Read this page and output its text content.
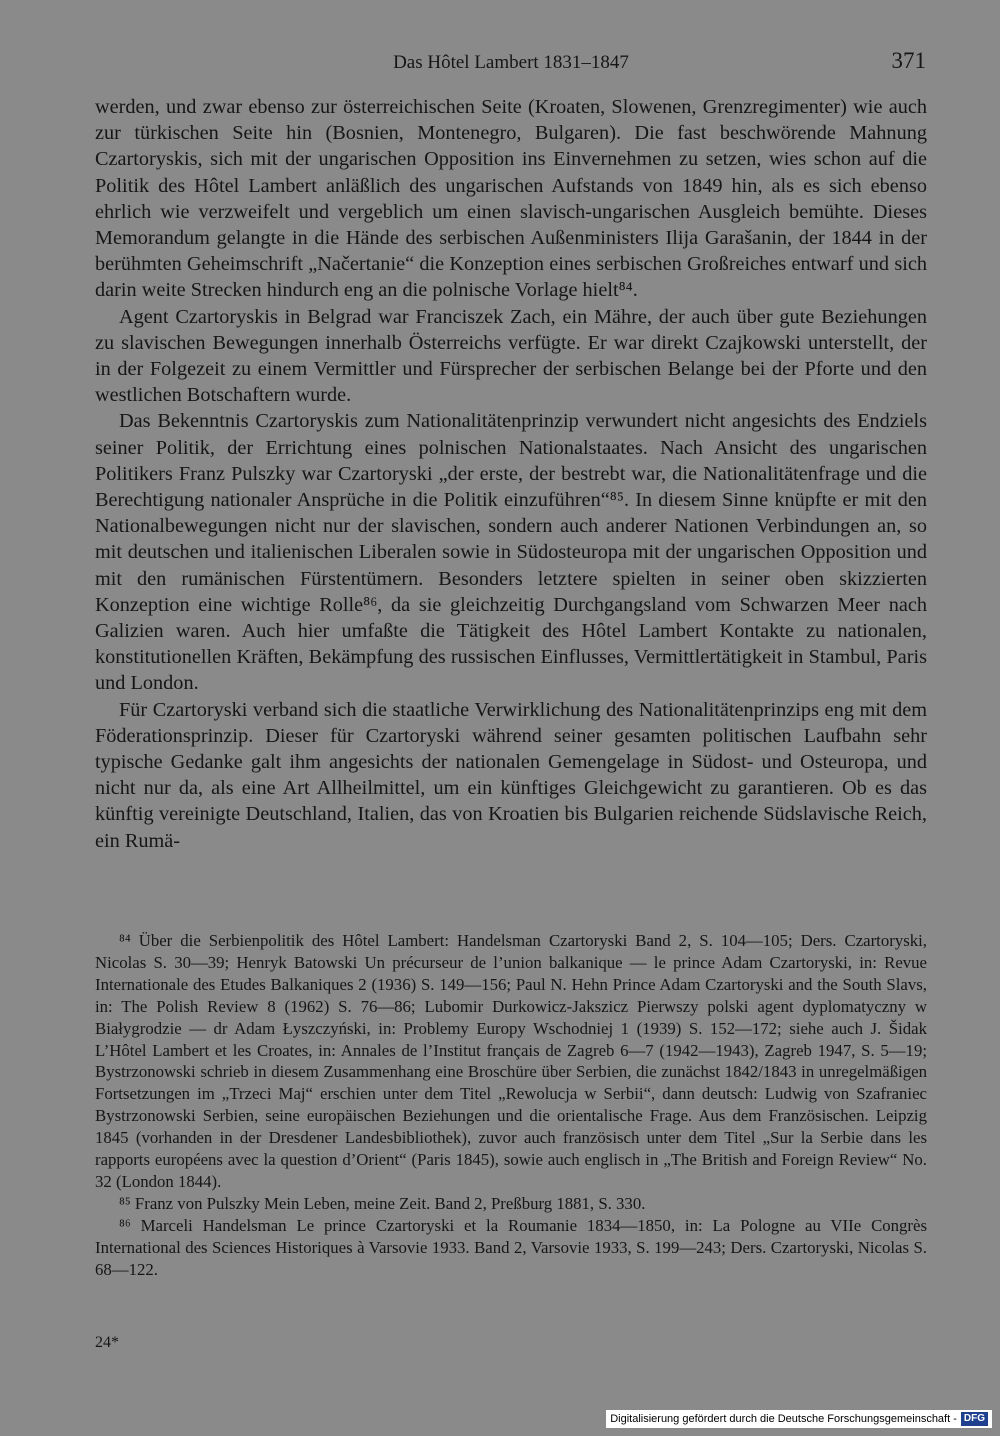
Das Hôtel Lambert 1831–1847	371

werden, und zwar ebenso zur österreichischen Seite (Kroaten, Slowenen, Grenzregimenter) wie auch zur türkischen Seite hin (Bosnien, Montenegro, Bulgaren). Die fast beschwörende Mahnung Czartoryskis, sich mit der ungarischen Opposition ins Einvernehmen zu setzen, wies schon auf die Politik des Hôtel Lambert anläßlich des ungarischen Aufstands von 1849 hin, als es sich ebenso ehrlich wie verzweifelt und vergeblich um einen slavisch-ungarischen Ausgleich bemühte. Dieses Memorandum gelangte in die Hände des serbischen Außenministers Ilija Garašanin, der 1844 in der berühmten Geheimschrift „Načertanie“ die Konzeption eines serbischen Großreiches entwarf und sich darin weite Strecken hindurch eng an die polnische Vorlage hielt⁸⁴.

Agent Czartoryskis in Belgrad war Franciszek Zach, ein Mähre, der auch über gute Beziehungen zu slavischen Bewegungen innerhalb Österreichs verfügte. Er war direkt Czajkowski unterstellt, der in der Folgezeit zu einem Vermittler und Fürsprecher der serbischen Belange bei der Pforte und den westlichen Botschaftern wurde.

Das Bekenntnis Czartoryskis zum Nationalitätenprinzip verwundert nicht angesichts des Endziels seiner Politik, der Errichtung eines polnischen Nationalstaates. Nach Ansicht des ungarischen Politikers Franz Pulszky war Czartoryski „der erste, der bestrebt war, die Nationalitätenfrage und die Berechtigung nationaler Ansprüche in die Politik einzuführen“⁸⁵. In diesem Sinne knüpfte er mit den Nationalbewegungen nicht nur der slavischen, sondern auch anderer Nationen Verbindungen an, so mit deutschen und italienischen Liberalen sowie in Südosteuropa mit der ungarischen Opposition und mit den rumänischen Fürstentümern. Besonders letztere spielten in seiner oben skizzierten Konzeption eine wichtige Rolle⁸⁶, da sie gleichzeitig Durchgangsland vom Schwarzen Meer nach Galizien waren. Auch hier umfaßte die Tätigkeit des Hôtel Lambert Kontakte zu nationalen, konstitutionellen Kräften, Bekämpfung des russischen Einflusses, Vermittlertätigkeit in Stambul, Paris und London.

Für Czartoryski verband sich die staatliche Verwirklichung des Nationalitätenprinzips eng mit dem Föderationsprinzip. Dieser für Czartoryski während seiner gesamten politischen Laufbahn sehr typische Gedanke galt ihm angesichts der nationalen Gemengelage in Südost- und Osteuropa, und nicht nur da, als eine Art Allheilmittel, um ein künftiges Gleichgewicht zu garantieren. Ob es das künftig vereinigte Deutschland, Italien, das von Kroatien bis Bulgarien reichende Südslavische Reich, ein Rumä-

⁸⁴ Über die Serbienpolitik des Hôtel Lambert: Handelsman Czartoryski Band 2, S. 104—105; Ders. Czartoryski, Nicolas S. 30—39; Henryk Batowski Un précurseur de l’union balkanique — le prince Adam Czartoryski, in: Revue Internationale des Etudes Balkaniques 2 (1936) S. 149—156; Paul N. Hehn Prince Adam Czartoryski and the South Slavs, in: The Polish Review 8 (1962) S. 76—86; Lubomir Durkowicz-Jakszicz Pierwszy polski agent dyplomatyczny w Białygrodzie — dr Adam Łyszczyński, in: Problemy Europy Wschodniej 1 (1939) S. 152—172; siehe auch J. Šidak L’Hôtel Lambert et les Croates, in: Annales de l’Institut français de Zagreb 6—7 (1942—1943), Zagreb 1947, S. 5—19; Bystrzonowski schrieb in diesem Zusammenhang eine Broschüre über Serbien, die zunächst 1842/1843 in unregelmäßigen Fortsetzungen im „Trzeci Maj“ erschien unter dem Titel „Rewolucja w Serbii“, dann deutsch: Ludwig von Szafraniec Bystrzonowski Serbien, seine europäischen Beziehungen und die orientalische Frage. Aus dem Französischen. Leipzig 1845 (vorhanden in der Dresdener Landesbibliothek), zuvor auch französisch unter dem Titel „Sur la Serbie dans les rapports européens avec la question d’Orient“ (Paris 1845), sowie auch englisch in „The British and Foreign Review“ No. 32 (London 1844).

⁸⁵ Franz von Pulszky Mein Leben, meine Zeit. Band 2, Preßburg 1881, S. 330.

⁸⁶ Marceli Handelsman Le prince Czartoryski et la Roumanie 1834—1850, in: La Pologne au VIIe Congrès International des Sciences Historiques à Varsovie 1933. Band 2, Varsovie 1933, S. 199—243; Ders. Czartoryski, Nicolas S. 68—122.

24*
Digitalisierung gefördert durch die Deutsche Forschungsgemeinschaft - DFG
